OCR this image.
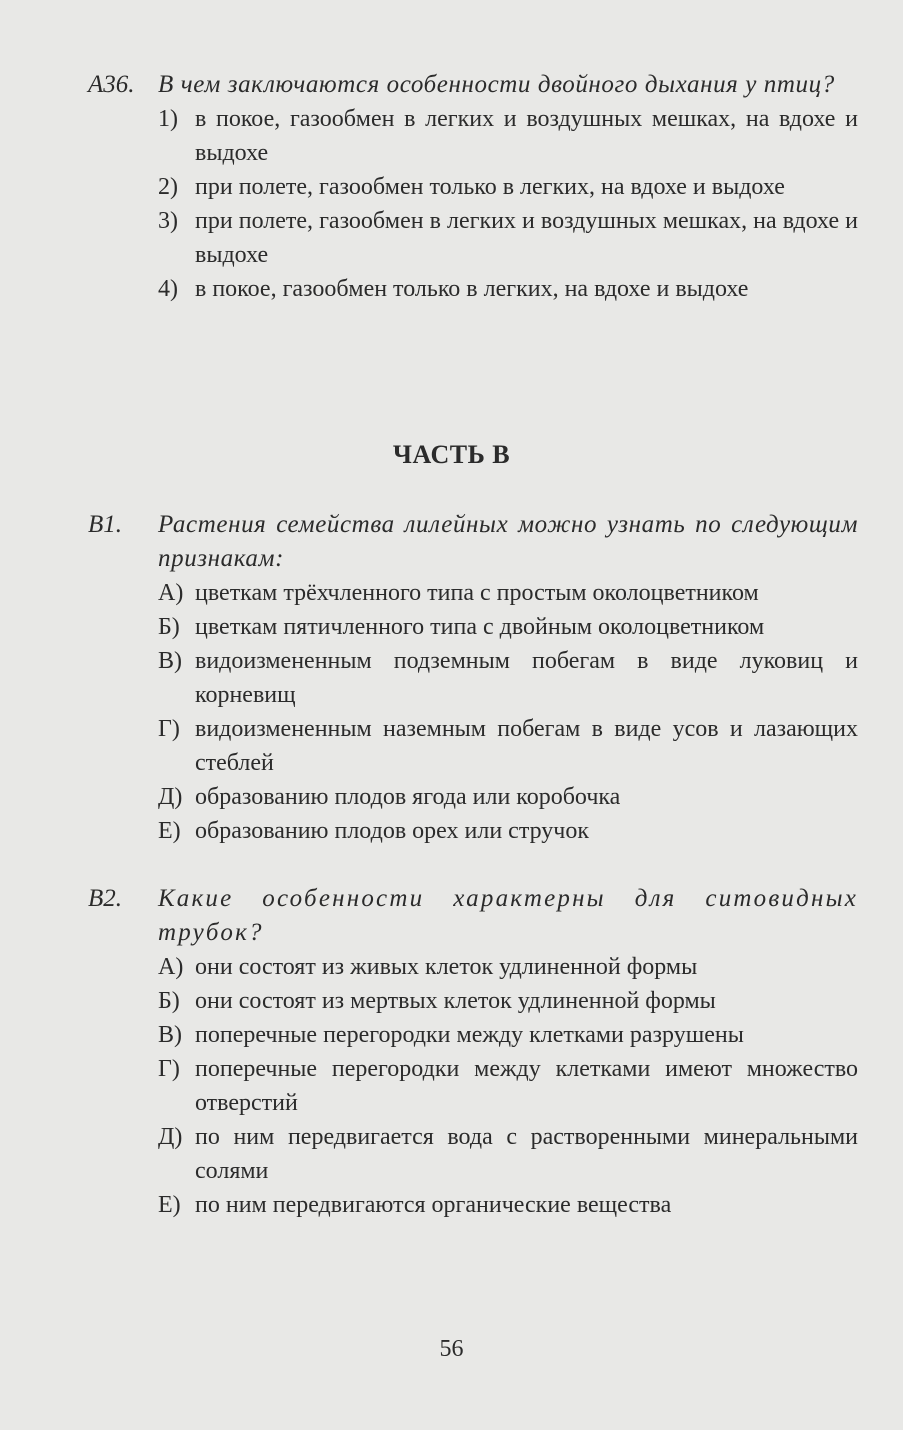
А36. В чем заключаются особенности двойного дыхания у птиц?
1) в покое, газообмен в легких и воздушных мешках, на вдохе и выдохе
2) при полете, газообмен только в легких, на вдохе и выдохе
3) при полете, газообмен в легких и воздушных мешках, на вдохе и выдохе
4) в покое, газообмен только в легких, на вдохе и выдохе
ЧАСТЬ В
В1.	Растения семейства лилейных можно узнать по следующим признакам:
А) цветкам трёхчленного типа с простым околоцветником
Б) цветкам пятичленного типа с двойным околоцветником
В) видоизмененным подземным побегам в виде луковиц и корневищ
Г) видоизмененным наземным побегам в виде усов и лазающих стеблей
Д) образованию плодов ягода или коробочка
Е) образованию плодов орех или стручок
В2.	Какие особенности характерны для ситовидных трубок?
А) они состоят из живых клеток удлиненной формы
Б) они состоят из мертвых клеток удлиненной формы
В) поперечные перегородки между клетками разрушены
Г) поперечные перегородки между клетками имеют множество отверстий
Д) по ним передвигается вода с растворенными минеральными солями
Е) по ним передвигаются органические вещества
56
